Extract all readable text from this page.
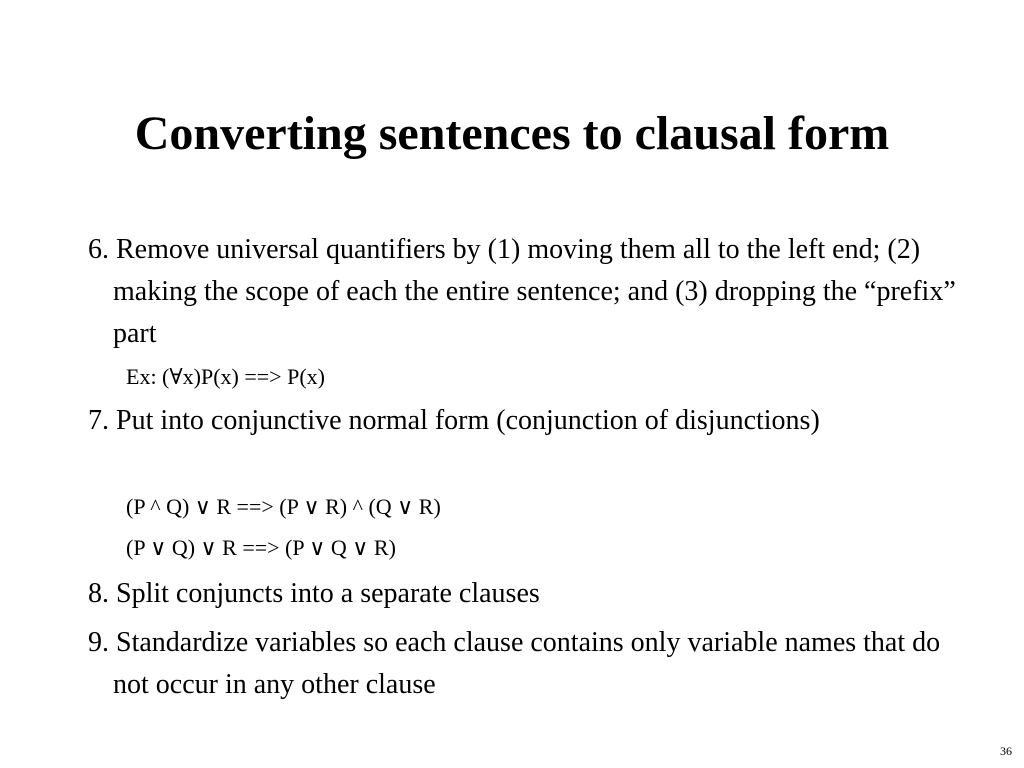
Converting sentences to clausal form
6. Remove universal quantifiers by (1) moving them all to the left end; (2) making the scope of each the entire sentence; and (3) dropping the “prefix” part
Ex: (∀x)P(x) ==> P(x)
7. Put into conjunctive normal form (conjunction of disjunctions)
(P ^ Q) ∨ R ==> (P ∨ R) ^ (Q ∨ R)
(P ∨ Q) ∨ R ==> (P ∨ Q ∨ R)
8. Split conjuncts into a separate clauses
9. Standardize variables so each clause contains only variable names that do not occur in any other clause
36
